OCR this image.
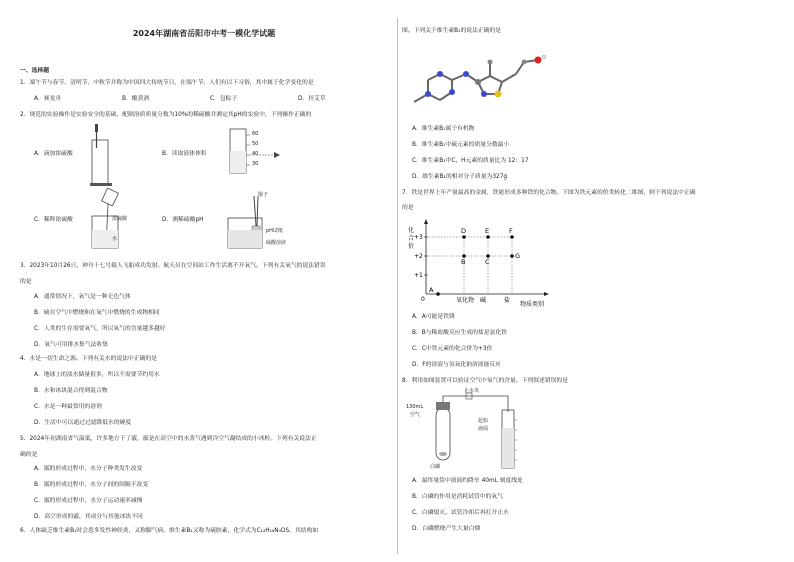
2024年湖南省岳阳市中考一模化学试题
一、选择题
1．端午节与春节、清明节、中秋节并称为中国四大传统节日，在端午节，人们有以下习俗，其中属于化学变化的是
A．赛龙舟	B．酿黄酒	C．包粽子	D．挂艾草
2．规范的实验操作是实验安全的基础，配制溶质质量分数为10%的稀硫酸并测定其pH的实验中，下列操作正确的
A．滴加浓硫酸
60
50
40
30
B．读取液体体积
浓硫酸
水
C．稀释浓硫酸
镊子
pH试纸
硫酸溶液
D．测稀硫酸pH
3．2023年10月26日，神舟十七号载人飞船成功发射。航天员在空间站工作生活离不开氧气。下列有关氧气的说法错误
的是
A．通常情况下，氧气是一种无色气体
B．硫在空气中燃烧和在氧气中燃烧的生成物相同
C．人类的生存需要氧气，所以氧气的含量越多越好
D．氧气可用排水集气法收集
4．水是一切生命之源。下列有关水的说法中正确的是
A．地球上的淡水储量很多，所以不需要节约用水
B．水和冰块混合得到混合物
C．水是一种最常用的溶剂
D．生活中可以通过过滤降低水的硬度
5．2024年初湖南省气温低，许多地方下了霰，霰是在高空中的水蒸气遇到冷空气凝结成的小冰粒。下列有关说法正
确的是
A．霰的形成过程中，水分子种类发生改变
B．霰的形成过程中，水分子间的间隔不改变
C．霰的形成过程中，水分子运动速率减慢
D．高空形成的霰，其成分与其他冰块不同
6．人体缺乏维生素B₁时会患多发性神经炎，又称脚气病。维生素B₁又称为硫胺素，化学式为C₁₂H₁₆N₄OS，其结构如
图。下列关于维生素B₁的说法正确的是
A．维生素B₁属于有机物
B．维生素B₁中硫元素的质量分数最小
C．维生素B₁中C、H元素的质量比为 12：17
D．维生素B₁的相对分子质量为327g
7．铁是世界上年产量最高的金属，铁能形成多种铁的化合物。下图为铁元素的价类转化二维图，则下列说法中正确
的是
化
合
价
物质类别
0
+1
+2
+3
氧化物 碱	盐
A
D	E	F
B	C
G
A．A可能是铁锈
B．B与稀盐酸反应生成的盐是氯化铁
C．C中铁元素的化合价为+3价
D．F的溶液与氢氧化钠溶液能反应
8．利用如图装置可以验证空气中氧气的含量。下列叙述错误的是
130mL
空气
止水夹
起始
液面
白磷
A．最终量筒中液面约降至 40mL 刻度线处
B．白磷的作用是消耗试管中的氧气
C．白磷熄灭、试管冷却后再打开止水
D．白磷燃烧产生大量白烟
